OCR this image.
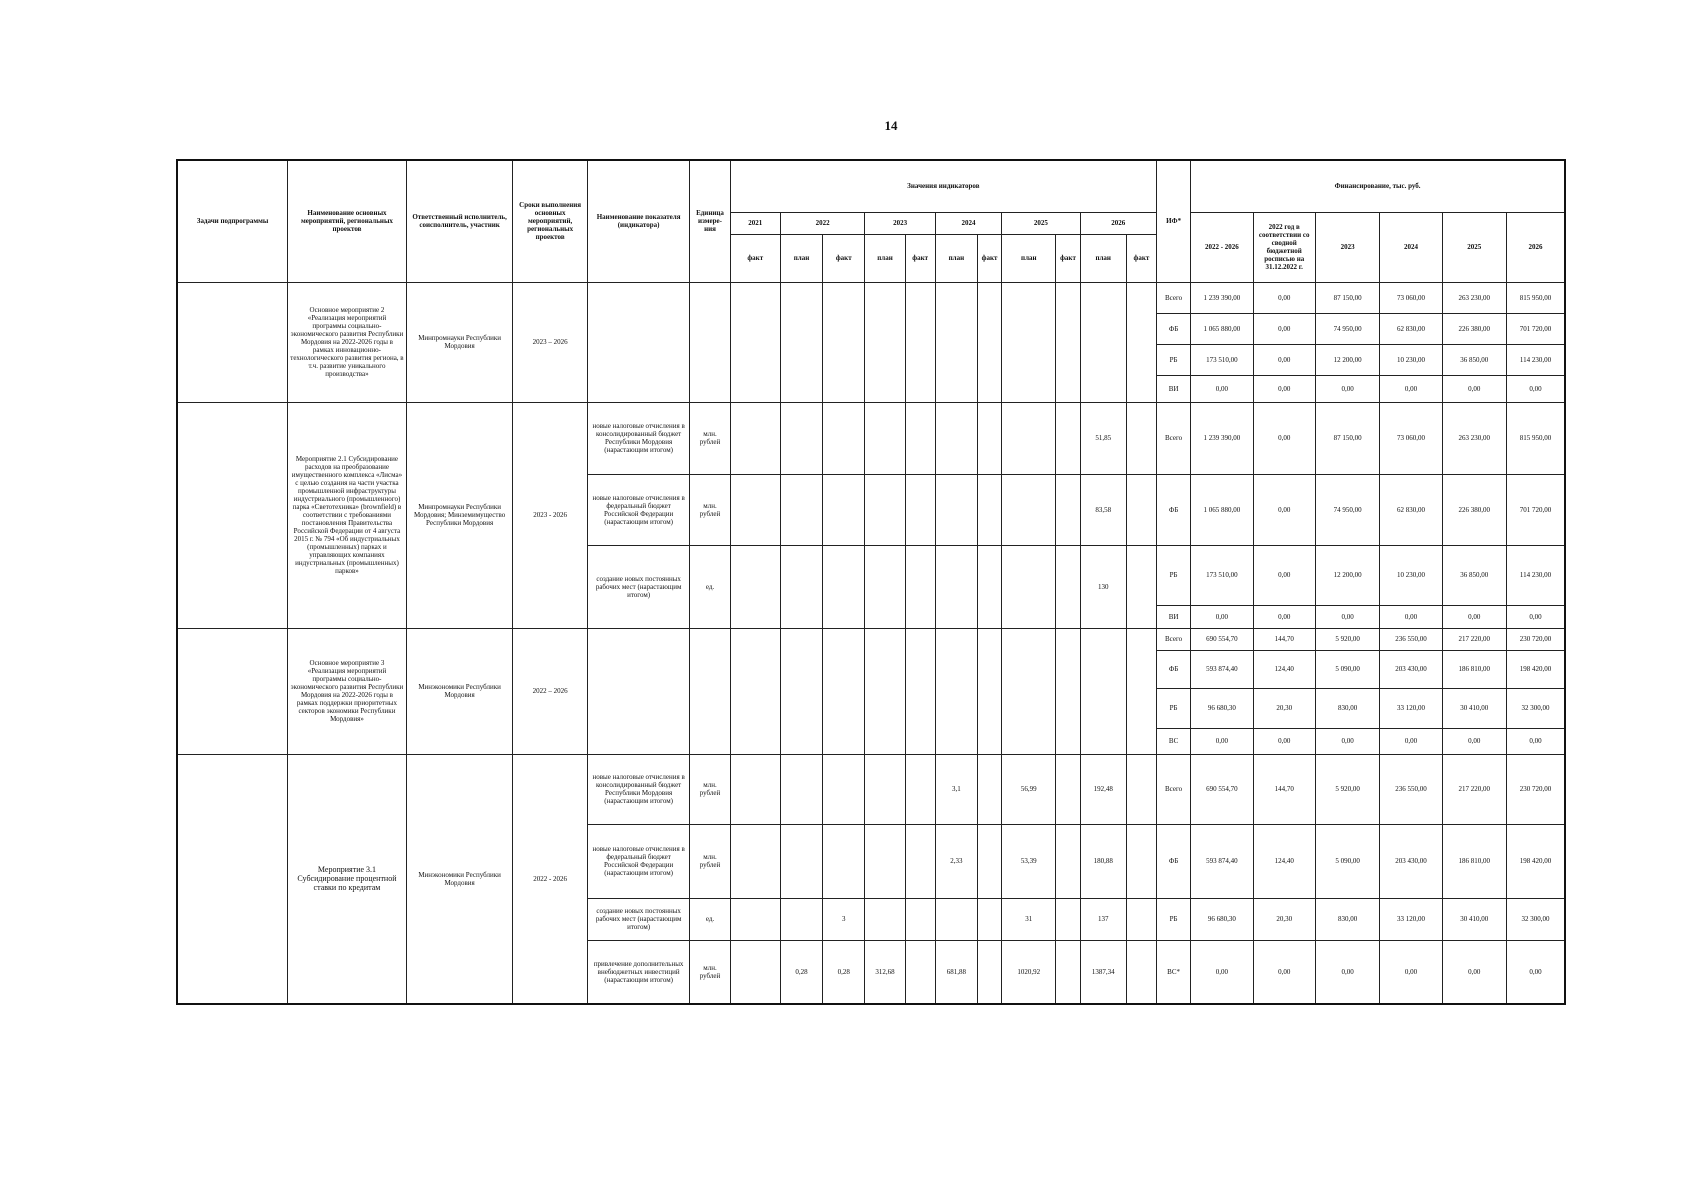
14
Задачи подпрограммы	Наименование основных мероприятий, региональных проектов	Ответственный исполнитель, соисполнитель, участник	Сроки выполнения основных мероприятий, региональных проектов	Наименование показателя (индикатора)	Единица измере-ния	Значения индикаторов											ИФ*	Финансирование, тыс. руб.					
						2021	2022		2023		2024		2025		2026			2022 - 2026	2022 год в соответствии со сводной бюджетной росписью на 31.12.2022 г.	2023	2024	2025	2026
						факт	план	факт	план	факт	план	факт	план	факт	план	факт							
	Основное мероприятие 2 «Реализация мероприятий программы социально-экономического развития Республики Мордовия на 2022-2026 годы в рамках инновационно-технологического развития региона, в т.ч. развитие уникального производства»	Минпромнауки Республики Мордовия	2023 – 2026														Всего	1 239 390,00	0,00	87 150,00	73 060,00	263 230,00	815 950,00
																	ФБ	1 065 880,00	0,00	74 950,00	62 830,00	226 380,00	701 720,00
																	РБ	173 510,00	0,00	12 200,00	10 230,00	36 850,00	114 230,00
																	ВИ	0,00	0,00	0,00	0,00	0,00	0,00
	Мероприятие 2.1 Субсидирование расходов на преобразование имущественного комплекса «Лисма» с целью создания на части участка промышленной инфраструктуры индустриального (промышленного) парка «Светотехника» (brownfield) в соответствии с требованиями постановления Правительства Российской Федерации от 4 августа 2015 г. № 794 «Об индустриальных (промышленных) парках и управляющих компаниях индустриальных (промышленных) парков»	Минпромнауки Республики Мордовия; Минземимущество Республики Мордовия	2023 - 2026	новые налоговые отчисления в консолидированный бюджет Республики Мордовия (нарастающим итогом)	млн. рублей										51,85		Всего	1 239 390,00	0,00	87 150,00	73 060,00	263 230,00	815 950,00
				новые налоговые отчисления в федеральный бюджет Российской Федерации (нарастающим итогом)	млн. рублей										83,58		ФБ	1 065 880,00	0,00	74 950,00	62 830,00	226 380,00	701 720,00
				создание новых постоянных рабочих мест (нарастающим итогом)	ед.										130		РБ	173 510,00	0,00	12 200,00	10 230,00	36 850,00	114 230,00
																	ВИ	0,00	0,00	0,00	0,00	0,00	0,00
	Основное мероприятие 3 «Реализация мероприятий программы социально-экономического развития Республики Мордовия на 2022-2026 годы в рамках поддержки приоритетных секторов экономики Республики Мордовия»	Минэкономики Республики Мордовия	2022 – 2026														Всего	690 554,70	144,70	5 920,00	236 550,00	217 220,00	230 720,00
																	ФБ	593 874,40	124,40	5 090,00	203 430,00	186 810,00	198 420,00
																	РБ	96 680,30	20,30	830,00	33 120,00	30 410,00	32 300,00
																	ВС	0,00	0,00	0,00	0,00	0,00	0,00
	Мероприятие 3.1 Субсидирование процентной ставки по кредитам	Минэкономики Республики Мордовия	2022 - 2026	новые налоговые отчисления в консолидированный бюджет Республики Мордовия (нарастающим итогом)	млн. рублей						3,1		56,99		192,48		Всего	690 554,70	144,70	5 920,00	236 550,00	217 220,00	230 720,00
				новые налоговые отчисления в федеральный бюджет Российской Федерации (нарастающим итогом)	млн. рублей						2,33		53,39		180,88		ФБ	593 874,40	124,40	5 090,00	203 430,00	186 810,00	198 420,00
				создание новых постоянных рабочих мест (нарастающим итогом)	ед.			3					31		137		РБ	96 680,30	20,30	830,00	33 120,00	30 410,00	32 300,00
				привлечение дополнительных внебюджетных инвестиций (нарастающим итогом)	млн. рублей		0,28	0,28	312,68		681,88		1020,92		1387,34		ВС*	0,00	0,00	0,00	0,00	0,00	0,00
